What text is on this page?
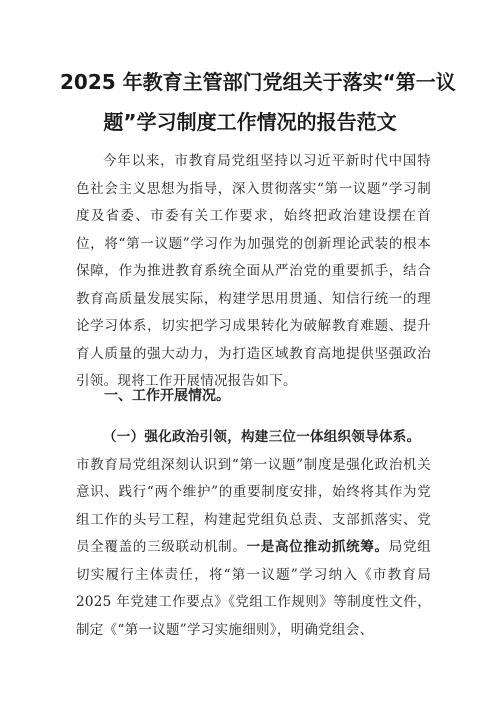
2025 年教育主管部门党组关于落实“第一议
题”学习制度工作情况的报告范文
今年以来，市教育局党组坚持以习近平新时代中国特色社会主义思想为指导，深入贯彻落实“第一议题”学习制度及省委、市委有关工作要求，始终把政治建设摆在首位，将“第一议题”学习作为加强党的创新理论武装的根本保障，作为推进教育系统全面从严治党的重要抓手，结合教育高质量发展实际，构建学思用贯通、知信行统一的理论学习体系，切实把学习成果转化为破解教育难题、提升育人质量的强大动力，为打造区域教育高地提供坚强政治引领。现将工作开展情况报告如下。
一、工作开展情况。
（一）强化政治引领，构建三位一体组织领导体系。
市教育局党组深刻认识到“第一议题”制度是强化政治机关意识、践行“两个维护”的重要制度安排，始终将其作为党组工作的头号工程，构建起党组负总责、支部抓落实、党员全覆盖的三级联动机制。一是高位推动抓统筹。局党组切实履行主体责任，将“第一议题”学习纳入《市教育局 2025 年党建工作要点》《党组工作规则》等制度性文件，制定《“第一议题”学习实施细则》，明确党组会、
